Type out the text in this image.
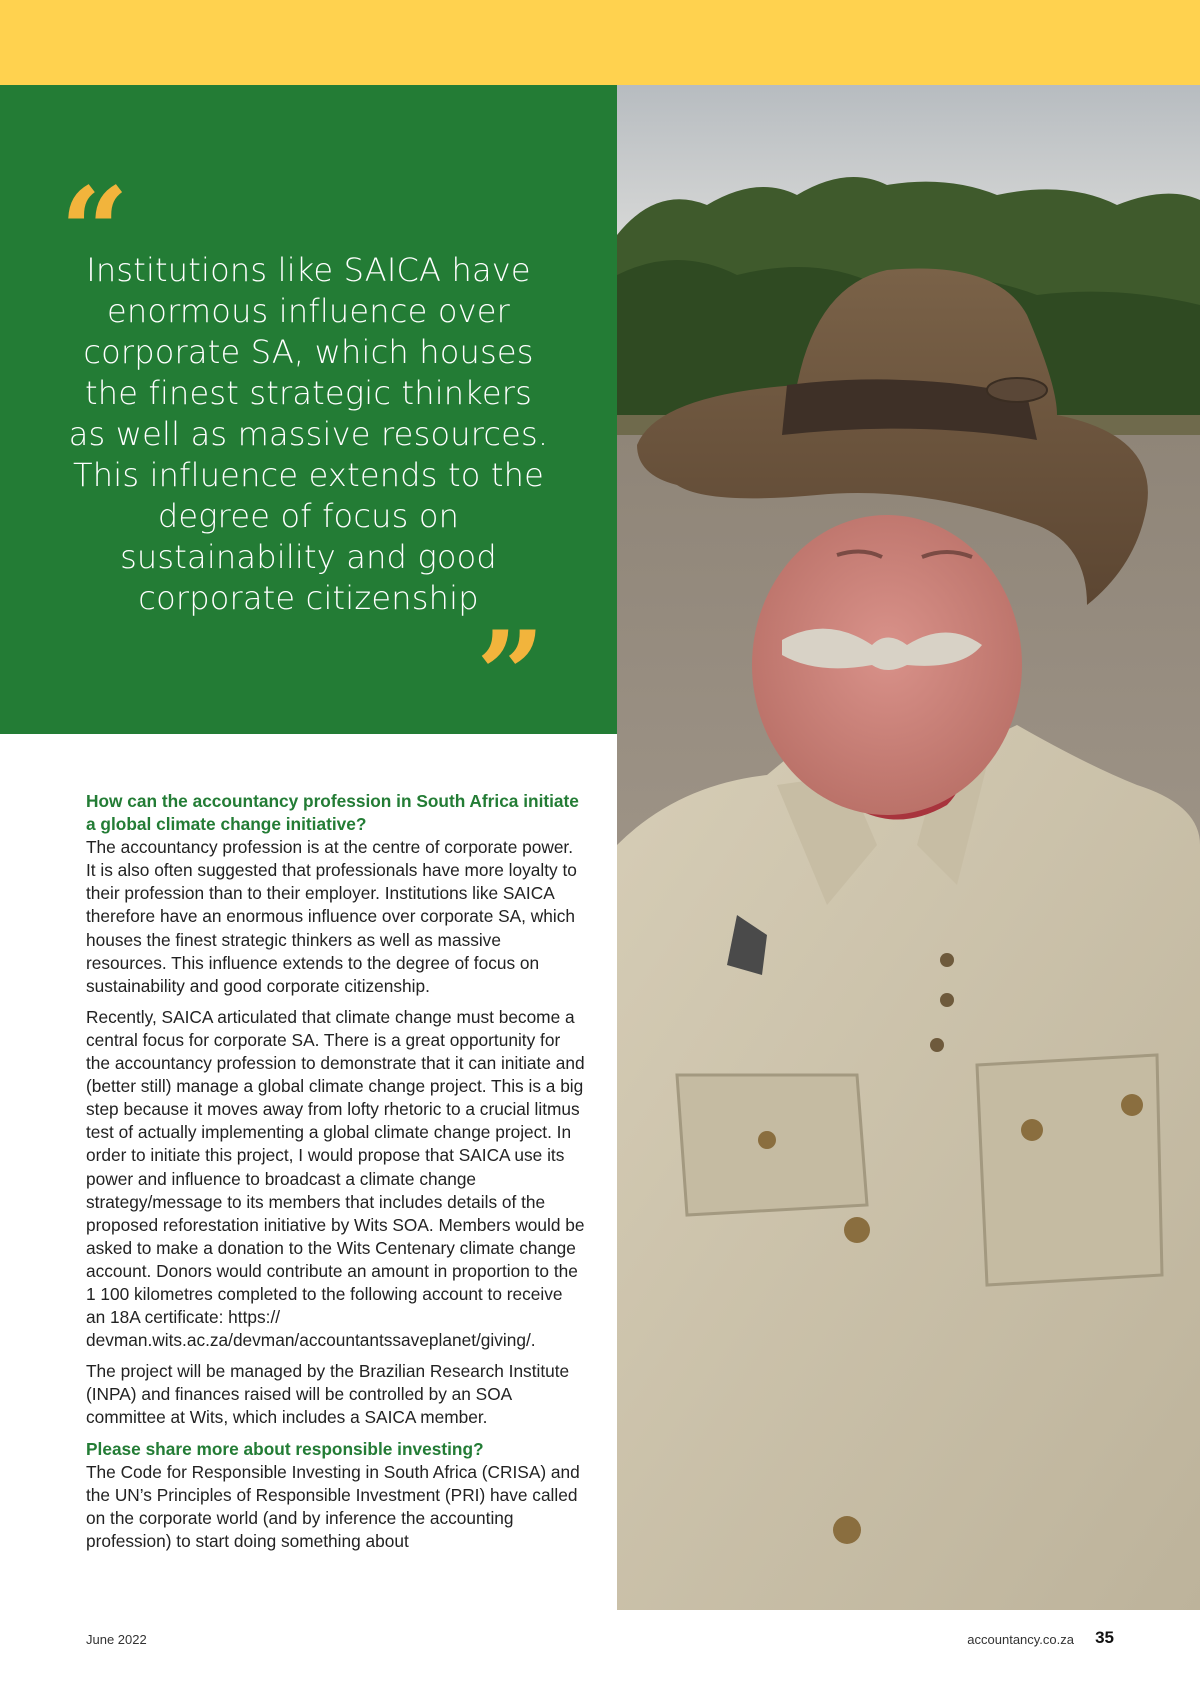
“
Institutions like SAICA have enormous influence over corporate SA, which houses the finest strategic thinkers as well as massive resources. This influence extends to the degree of focus on sustainability and good corporate citizenship
”
How can the accountancy profession in South Africa initiate a global climate change initiative?

The accountancy profession is at the centre of corporate power. It is also often suggested that professionals have more loyalty to their profession than to their employer. Institutions like SAICA therefore have an enormous influence over corporate SA, which houses the finest strategic thinkers as well as massive resources. This influence extends to the degree of focus on sustainability and good corporate citizenship.

Recently, SAICA articulated that climate change must become a central focus for corporate SA. There is a great opportunity for the accountancy profession to demonstrate that it can initiate and (better still) manage a global climate change project. This is a big step because it moves away from lofty rhetoric to a crucial litmus test of actually implementing a global climate change project. In order to initiate this project, I would propose that SAICA use its power and influence to broadcast a climate change strategy/message to its members that includes details of the proposed reforestation initiative by Wits SOA. Members would be asked to make a donation to the Wits Centenary climate change account. Donors would contribute an amount in proportion to the 1 100 kilometres completed to the following account to receive an 18A certificate: https:// devman.wits.ac.za/devman/accountantssaveplanet/giving/.

The project will be managed by the Brazilian Research Institute (INPA) and finances raised will be controlled by an SOA committee at Wits, which includes a SAICA member.

Please share more about responsible investing?

The Code for Responsible Investing in South Africa (CRISA) and the UN’s Principles of Responsible Investment (PRI) have called on the corporate world (and by inference the accounting profession) to start doing something about

June 2022	accountancy.co.za 35
